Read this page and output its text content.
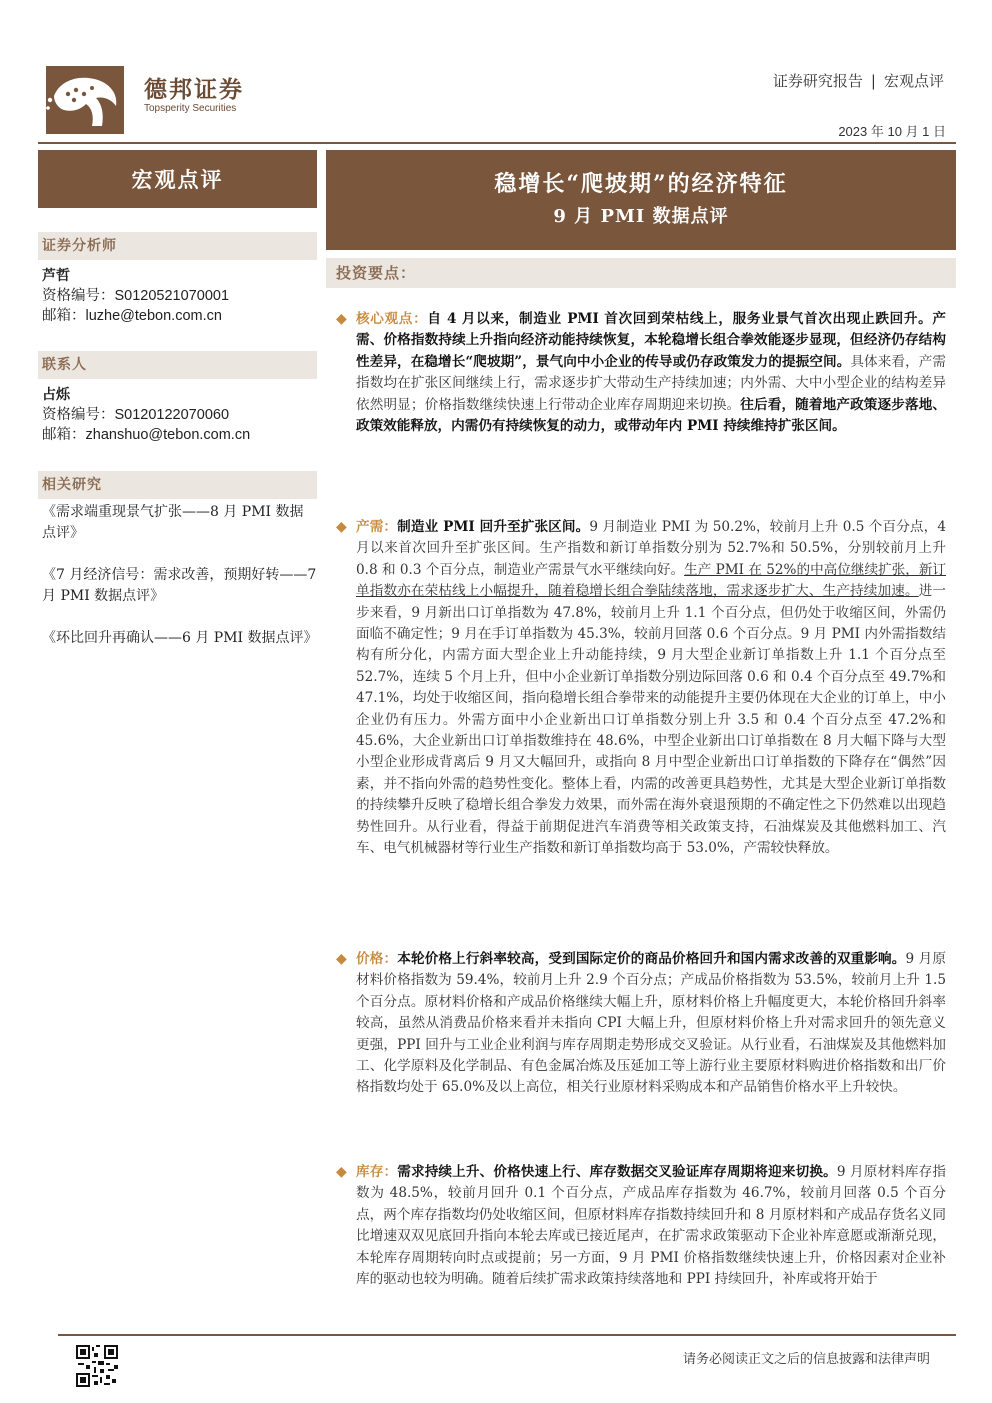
德邦证券
Topsperity Securities
证券研究报告 | 宏观点评
2023 年 10 月 1 日
宏观点评
证券分析师
芦哲
资格编号：S0120521070001
邮箱：luzhe@tebon.com.cn
联系人
占烁
资格编号：S0120122070060
邮箱：zhanshuo@tebon.com.cn
相关研究
《需求端重现景气扩张——8 月 PMI 数据点评》
《7 月经济信号：需求改善，预期好转——7 月 PMI 数据点评》
《环比回升再确认——6 月 PMI 数据点评》
稳增长“爬坡期”的经济特征
9 月 PMI 数据点评
投资要点：
◆ 核心观点：自 4 月以来，制造业 PMI 首次回到荣枯线上，服务业景气首次出现止跌回升。产需、价格指数持续上升指向经济动能持续恢复，本轮稳增长组合拳效能逐步显现，但经济仍存结构性差异，在稳增长“爬坡期”，景气向中小企业的传导或仍存政策发力的提振空间。具体来看，产需指数均在扩张区间继续上行，需求逐步扩大带动生产持续加速；内外需、大中小型企业的结构差异依然明显；价格指数继续快速上行带动企业库存周期迎来切换。往后看，随着地产政策逐步落地、政策效能释放，内需仍有持续恢复的动力，或带动年内 PMI 持续维持扩张区间。
◆ 产需：制造业 PMI 回升至扩张区间。9 月制造业 PMI 为 50.2%，较前月上升 0.5 个百分点，4 月以来首次回升至扩张区间。生产指数和新订单指数分别为 52.7%和 50.5%，分别较前月上升 0.8 和 0.3 个百分点，制造业产需景气水平继续向好。生产 PMI 在 52%的中高位继续扩张，新订单指数亦在荣枯线上小幅提升，随着稳增长组合拳陆续落地，需求逐步扩大、生产持续加速。进一步来看，9 月新出口订单指数为 47.8%，较前月上升 1.1 个百分点，但仍处于收缩区间，外需仍面临不确定性；9 月在手订单指数为 45.3%，较前月回落 0.6 个百分点。9 月 PMI 内外需指数结构有所分化，内需方面大型企业上升动能持续，9 月大型企业新订单指数上升 1.1 个百分点至 52.7%，连续 5 个月上升，但中小企业新订单指数分别边际回落 0.6 和 0.4 个百分点至 49.7%和 47.1%，均处于收缩区间，指向稳增长组合拳带来的动能提升主要仍体现在大企业的订单上，中小企业仍有压力。外需方面中小企业新出口订单指数分别上升 3.5 和 0.4 个百分点至 47.2%和 45.6%，大企业新出口订单指数维持在 48.6%，中型企业新出口订单指数在 8 月大幅下降与大型小型企业形成背离后 9 月又大幅回升，或指向 8 月中型企业新出口订单指数的下降存在“偶然”因素，并不指向外需的趋势性变化。整体上看，内需的改善更具趋势性，尤其是大型企业新订单指数的持续攀升反映了稳增长组合拳发力效果，而外需在海外衰退预期的不确定性之下仍然难以出现趋势性回升。从行业看，得益于前期促进汽车消费等相关政策支持，石油煤炭及其他燃料加工、汽车、电气机械器材等行业生产指数和新订单指数均高于 53.0%，产需较快释放。
◆ 价格：本轮价格上行斜率较高，受到国际定价的商品价格回升和国内需求改善的双重影响。9 月原材料价格指数为 59.4%，较前月上升 2.9 个百分点；产成品价格指数为 53.5%，较前月上升 1.5 个百分点。原材料价格和产成品价格继续大幅上升，原材料价格上升幅度更大，本轮价格回升斜率较高，虽然从消费品价格来看并未指向 CPI 大幅上升，但原材料价格上升对需求回升的领先意义更强，PPI 回升与工业企业利润与库存周期走势形成交叉验证。从行业看，石油煤炭及其他燃料加工、化学原料及化学制品、有色金属冶炼及压延加工等上游行业主要原材料购进价格指数和出厂价格指数均处于 65.0%及以上高位，相关行业原材料采购成本和产品销售价格水平上升较快。
◆ 库存：需求持续上升、价格快速上行、库存数据交叉验证库存周期将迎来切换。9 月原材料库存指数为 48.5%，较前月回升 0.1 个百分点，产成品库存指数为 46.7%，较前月回落 0.5 个百分点，两个库存指数均仍处收缩区间，但原材料库存指数持续回升和 8 月原材料和产成品存货名义同比增速双双见底回升指向本轮去库或已接近尾声，在扩需求政策驱动下企业补库意愿或渐渐兑现，本轮库存周期转向时点或提前；另一方面，9 月 PMI 价格指数继续快速上升，价格因素对企业补库的驱动也较为明确。随着后续扩需求政策持续落地和 PPI 持续回升，补库或将开始于
请务必阅读正文之后的信息披露和法律声明
